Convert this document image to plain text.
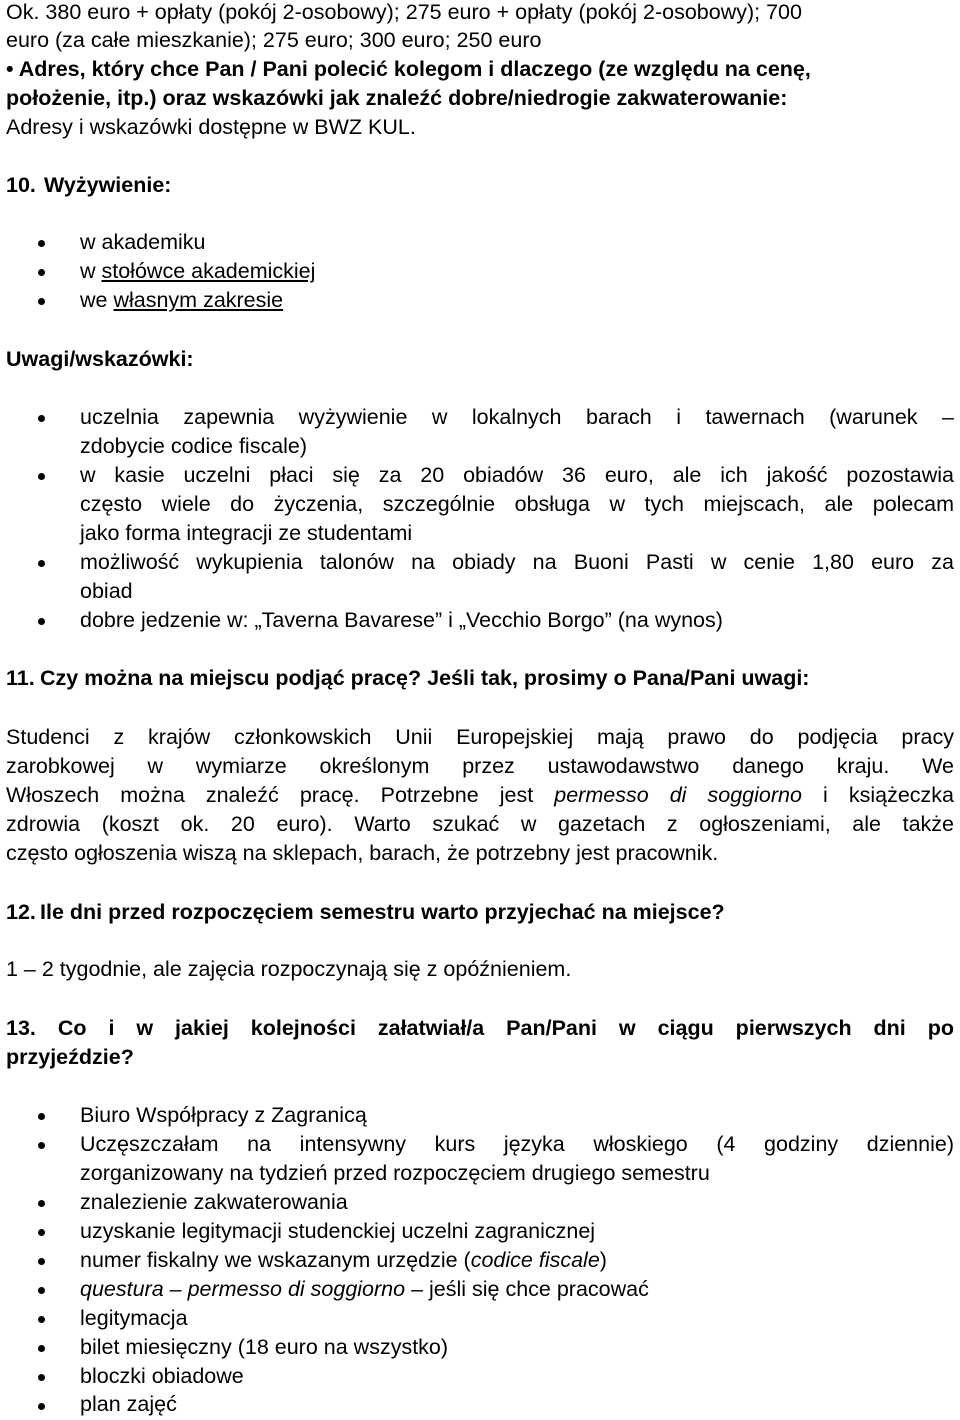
Ok. 380 euro + opłaty (pokój 2-osobowy); 275 euro + opłaty (pokój 2-osobowy); 700
euro (za całe mieszkanie); 275 euro; 300 euro; 250 euro
• Adres, który chce Pan / Pani polecić kolegom i dlaczego (ze względu na cenę,
położenie, itp.) oraz wskazówki jak znaleźć dobre/niedrogie zakwaterowanie:
Adresy i wskazówki dostępne w BWZ KUL.
10. Wyżywienie:
w akademiku
w stołówce akademickiej
we własnym zakresie
Uwagi/wskazówki:
uczelnia zapewnia wyżywienie w lokalnych barach i tawernach (warunek –
zdobycie codice fiscale)
w kasie uczelni płaci się za 20 obiadów 36 euro, ale ich jakość pozostawia
często wiele do życzenia, szczególnie obsługa w tych miejscach, ale polecam
jako forma integracji ze studentami
możliwość wykupienia talonów na obiady na Buoni Pasti w cenie 1,80 euro za
obiad
dobre jedzenie w: „Taverna Bavarese” i „Vecchio Borgo” (na wynos)
11. Czy można na miejscu podjąć pracę? Jeśli tak, prosimy o Pana/Pani uwagi:
Studenci z krajów członkowskich Unii Europejskiej mają prawo do podjęcia pracy
zarobkowej w wymiarze określonym przez ustawodawstwo danego kraju. We
Włoszech można znaleźć pracę. Potrzebne jest permesso di soggiorno i książeczka
zdrowia (koszt ok. 20 euro). Warto szukać w gazetach z ogłoszeniami, ale także
często ogłoszenia wiszą na sklepach, barach, że potrzebny jest pracownik.
12. Ile dni przed rozpoczęciem semestru warto przyjechać na miejsce?
1 – 2 tygodnie, ale zajęcia rozpoczynają się z opóźnieniem.
13. Co i w jakiej kolejności załatwiał/a Pan/Pani w ciągu pierwszych dni po
przyjeździe?
Biuro Współpracy z Zagranicą
Uczęszczałam na intensywny kurs języka włoskiego (4 godziny dziennie)
zorganizowany na tydzień przed rozpoczęciem drugiego semestru
znalezienie zakwaterowania
uzyskanie legitymacji studenckiej uczelni zagranicznej
numer fiskalny we wskazanym urzędzie (codice fiscale)
questura – permesso di soggiorno – jeśli się chce pracować
legitymacja
bilet miesięczny (18 euro na wszystko)
bloczki obiadowe
plan zajęć
